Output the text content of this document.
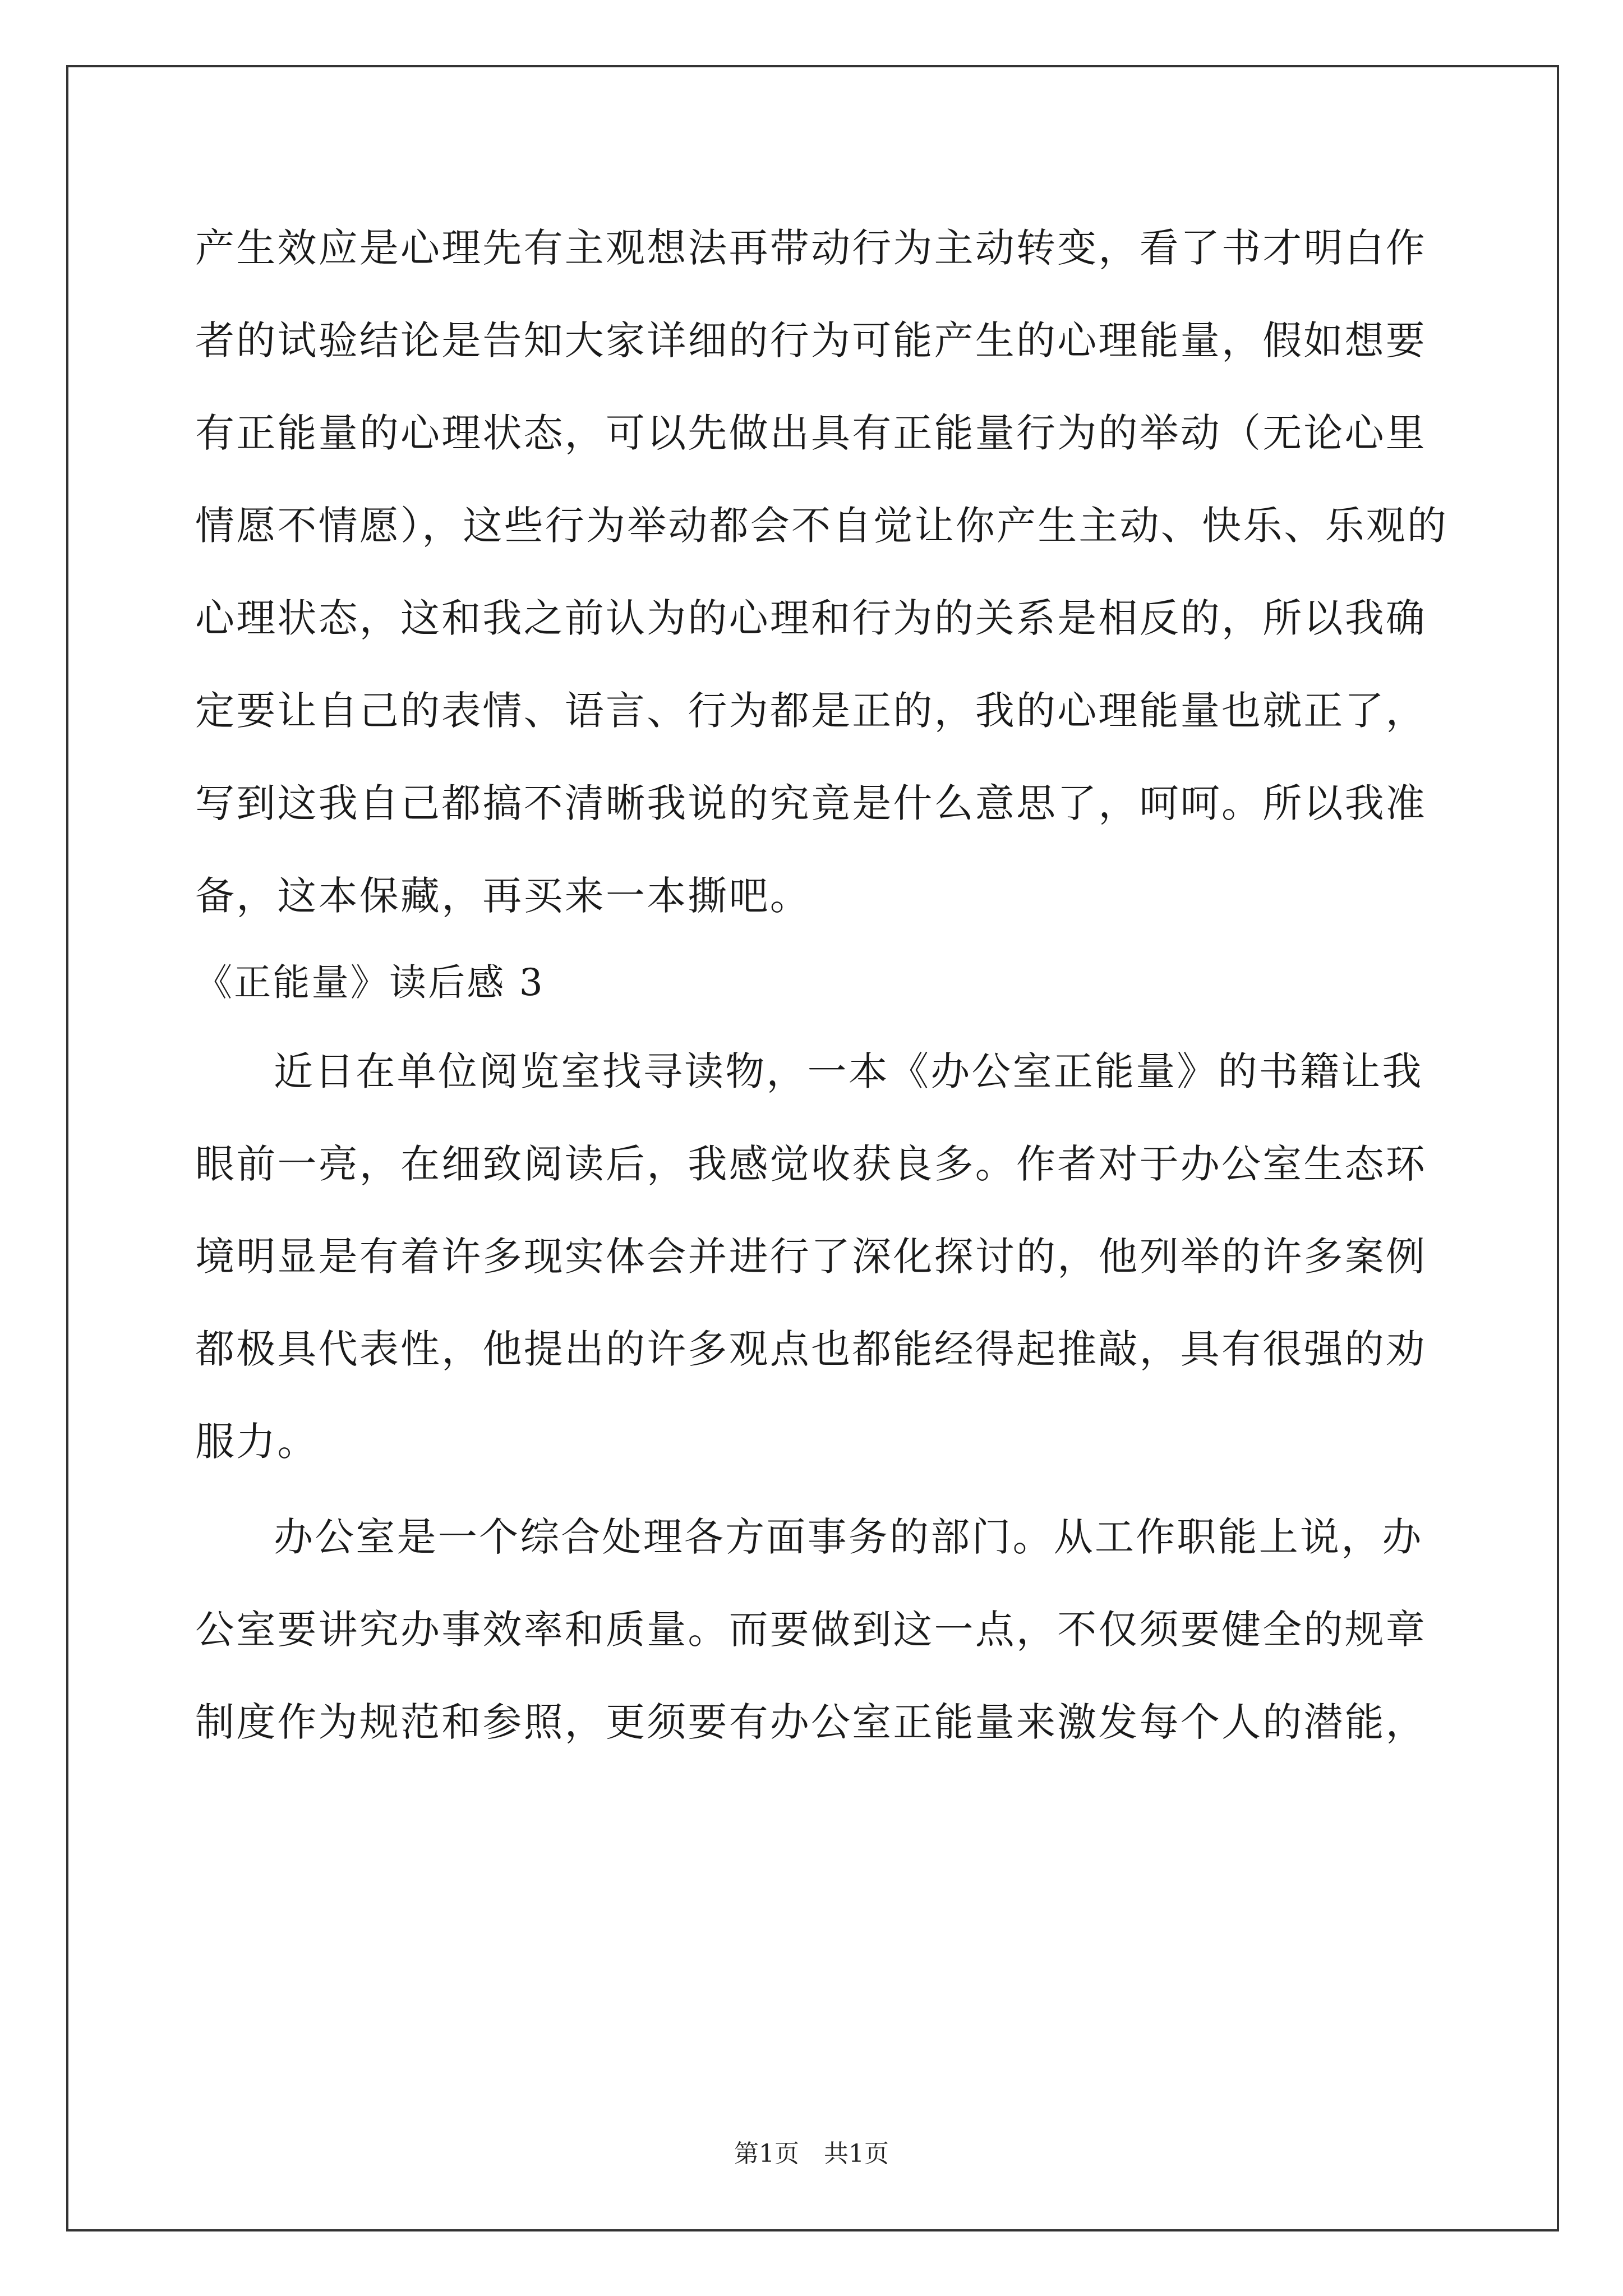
产生效应是心理先有主观想法再带动行为主动转变，看了书才明白作
者的试验结论是告知大家详细的行为可能产生的心理能量，假如想要
有正能量的心理状态，可以先做出具有正能量行为的举动（无论心里
情愿不情愿），这些行为举动都会不自觉让你产生主动、快乐、乐观的
心理状态，这和我之前认为的心理和行为的关系是相反的，所以我确
定要让自己的表情、语言、行为都是正的，我的心理能量也就正了，
写到这我自己都搞不清晰我说的究竟是什么意思了，呵呵。所以我准
备，这本保藏，再买来一本撕吧。
《正能量》读后感 3
近日在单位阅览室找寻读物，一本《办公室正能量》的书籍让我
眼前一亮，在细致阅读后，我感觉收获良多。作者对于办公室生态环
境明显是有着许多现实体会并进行了深化探讨的，他列举的许多案例
都极具代表性，他提出的许多观点也都能经得起推敲，具有很强的劝
服力。
办公室是一个综合处理各方面事务的部门。从工作职能上说，办
公室要讲究办事效率和质量。而要做到这一点，不仅须要健全的规章
制度作为规范和参照，更须要有办公室正能量来激发每个人的潜能，
第1页　共1页
